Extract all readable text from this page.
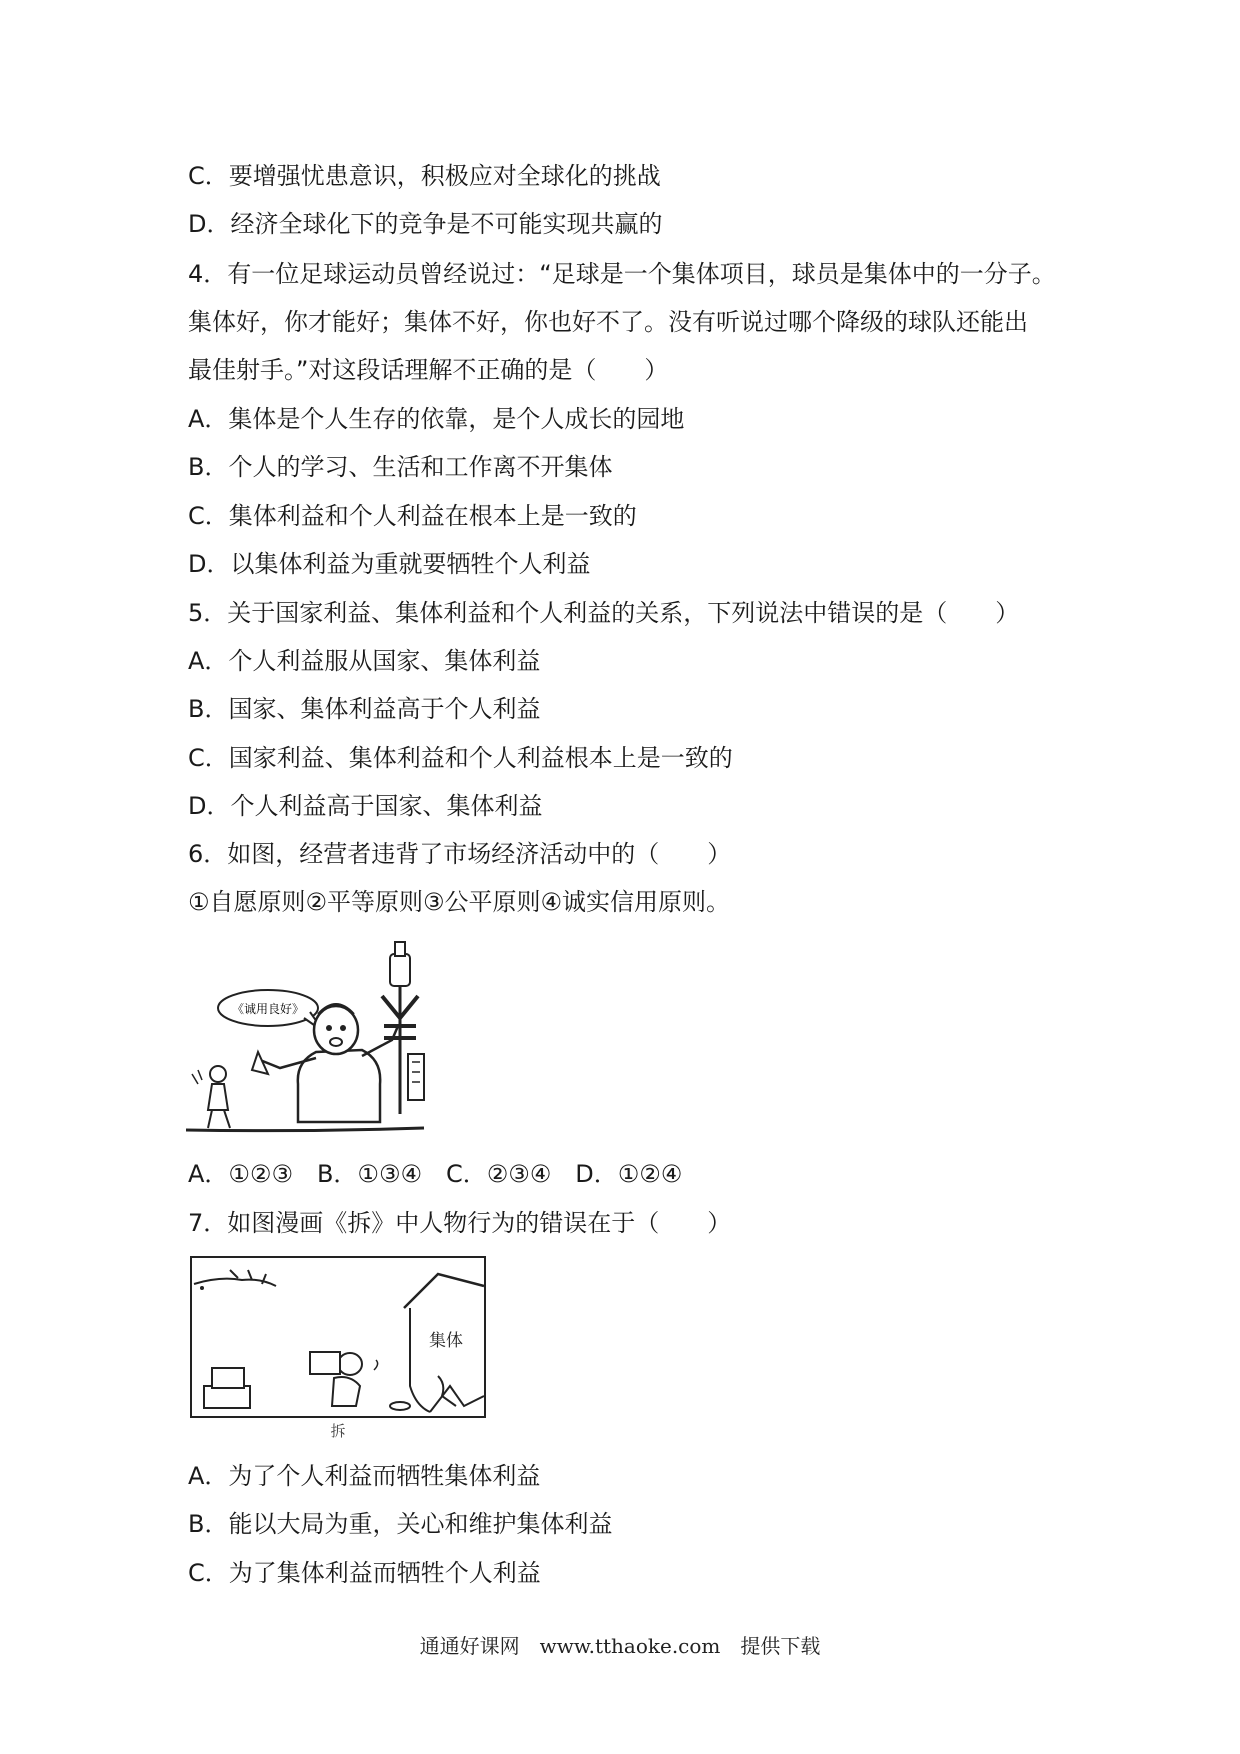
C．要增强忧患意识，积极应对全球化的挑战
D．经济全球化下的竞争是不可能实现共赢的
4．有一位足球运动员曾经说过：“足球是一个集体项目，球员是集体中的一分子。
集体好，你才能好；集体不好，你也好不了。没有听说过哪个降级的球队还能出
最佳射手。”对这段话理解不正确的是（　　）
A．集体是个人生存的依靠，是个人成长的园地
B．个人的学习、生活和工作离不开集体
C．集体利益和个人利益在根本上是一致的
D．以集体利益为重就要牺牲个人利益
5．关于国家利益、集体利益和个人利益的关系，下列说法中错误的是（　　）
A．个人利益服从国家、集体利益
B．国家、集体利益高于个人利益
C．国家利益、集体利益和个人利益根本上是一致的
D．个人利益高于国家、集体利益
6．如图，经营者违背了市场经济活动中的（　　）
①自愿原则②平等原则③公平原则④诚实信用原则。
《诚用良好》
A．①②③　B．①③④　C．②③④　D．①②④
7．如图漫画《拆》中人物行为的错误在于（　　）
集体
拆
A．为了个人利益而牺牲集体利益
B．能以大局为重，关心和维护集体利益
C．为了集体利益而牺牲个人利益
通通好课网　www.tthaoke.com　提供下载
